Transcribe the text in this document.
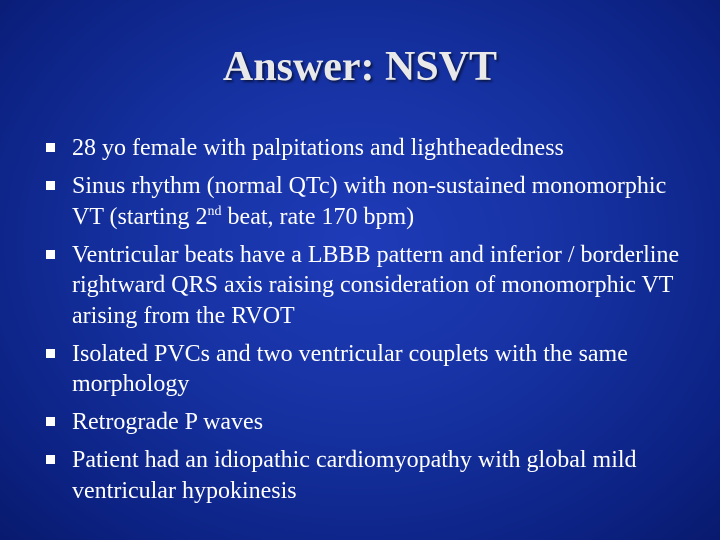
Answer: NSVT
28 yo female with palpitations and lightheadedness
Sinus rhythm (normal QTc) with non-sustained monomorphic VT (starting 2nd beat, rate 170 bpm)
Ventricular beats have a LBBB pattern and inferior / borderline rightward QRS axis raising consideration of monomorphic VT arising from the RVOT
Isolated PVCs and two ventricular couplets with the same morphology
Retrograde P waves
Patient had an idiopathic cardiomyopathy with global mild ventricular hypokinesis
